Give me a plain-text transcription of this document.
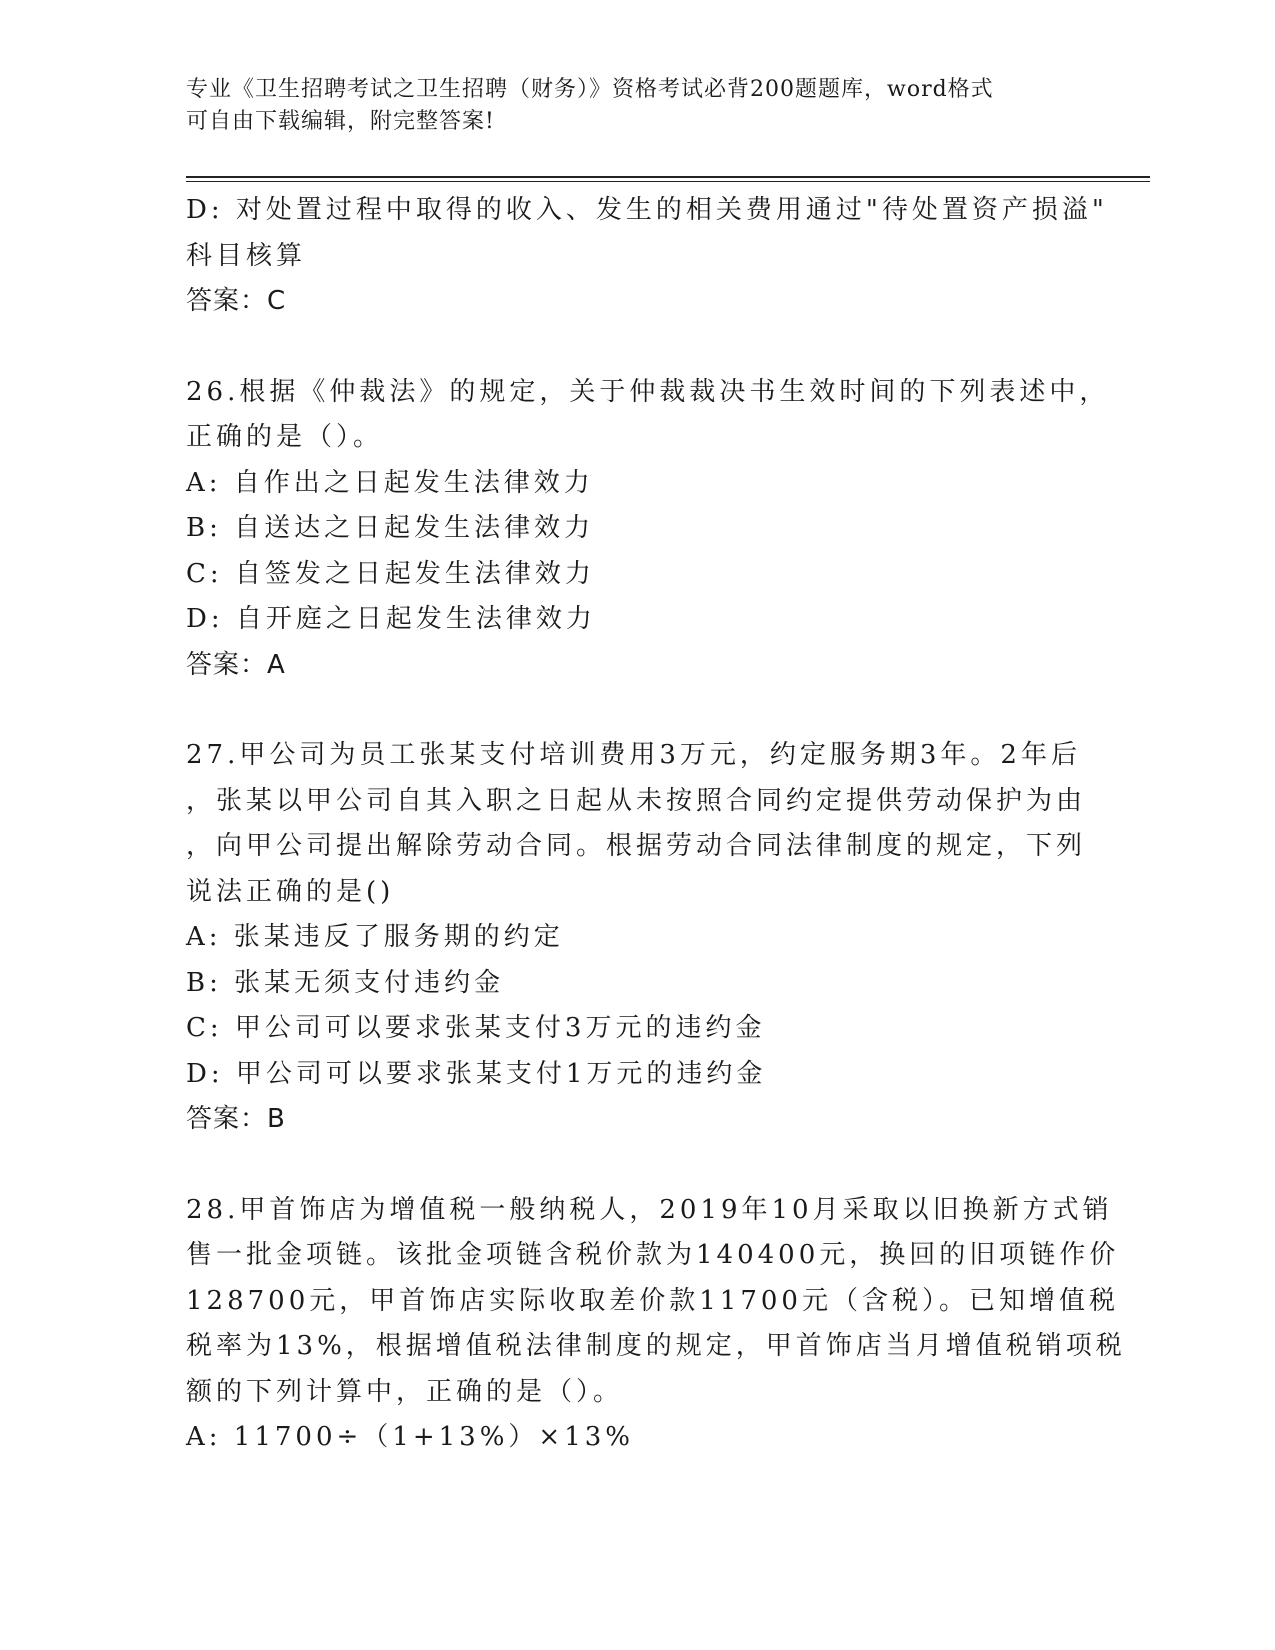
专业《卫生招聘考试之卫生招聘（财务）》资格考试必背200题题库，word格式
可自由下载编辑，附完整答案!
D: 对处置过程中取得的收入、发生的相关费用通过"待处置资产损溢"
科目核算
答案：C
26.根据《仲裁法》的规定，关于仲裁裁决书生效时间的下列表述中，
正确的是（）。
A: 自作出之日起发生法律效力
B: 自送达之日起发生法律效力
C: 自签发之日起发生法律效力
D: 自开庭之日起发生法律效力
答案：A
27.甲公司为员工张某支付培训费用3万元，约定服务期3年。2年后
，张某以甲公司自其入职之日起从未按照合同约定提供劳动保护为由
，向甲公司提出解除劳动合同。根据劳动合同法律制度的规定，下列
说法正确的是()
A: 张某违反了服务期的约定
B: 张某无须支付违约金
C: 甲公司可以要求张某支付3万元的违约金
D: 甲公司可以要求张某支付1万元的违约金
答案：B
28.甲首饰店为增值税一般纳税人，2019年10月采取以旧换新方式销
售一批金项链。该批金项链含税价款为140400元，换回的旧项链作价
128700元，甲首饰店实际收取差价款11700元（含税）。已知增值税
税率为13%，根据增值税法律制度的规定，甲首饰店当月增值税销项税
额的下列计算中，正确的是（）。
A: 11700÷（1+13%）×13%
